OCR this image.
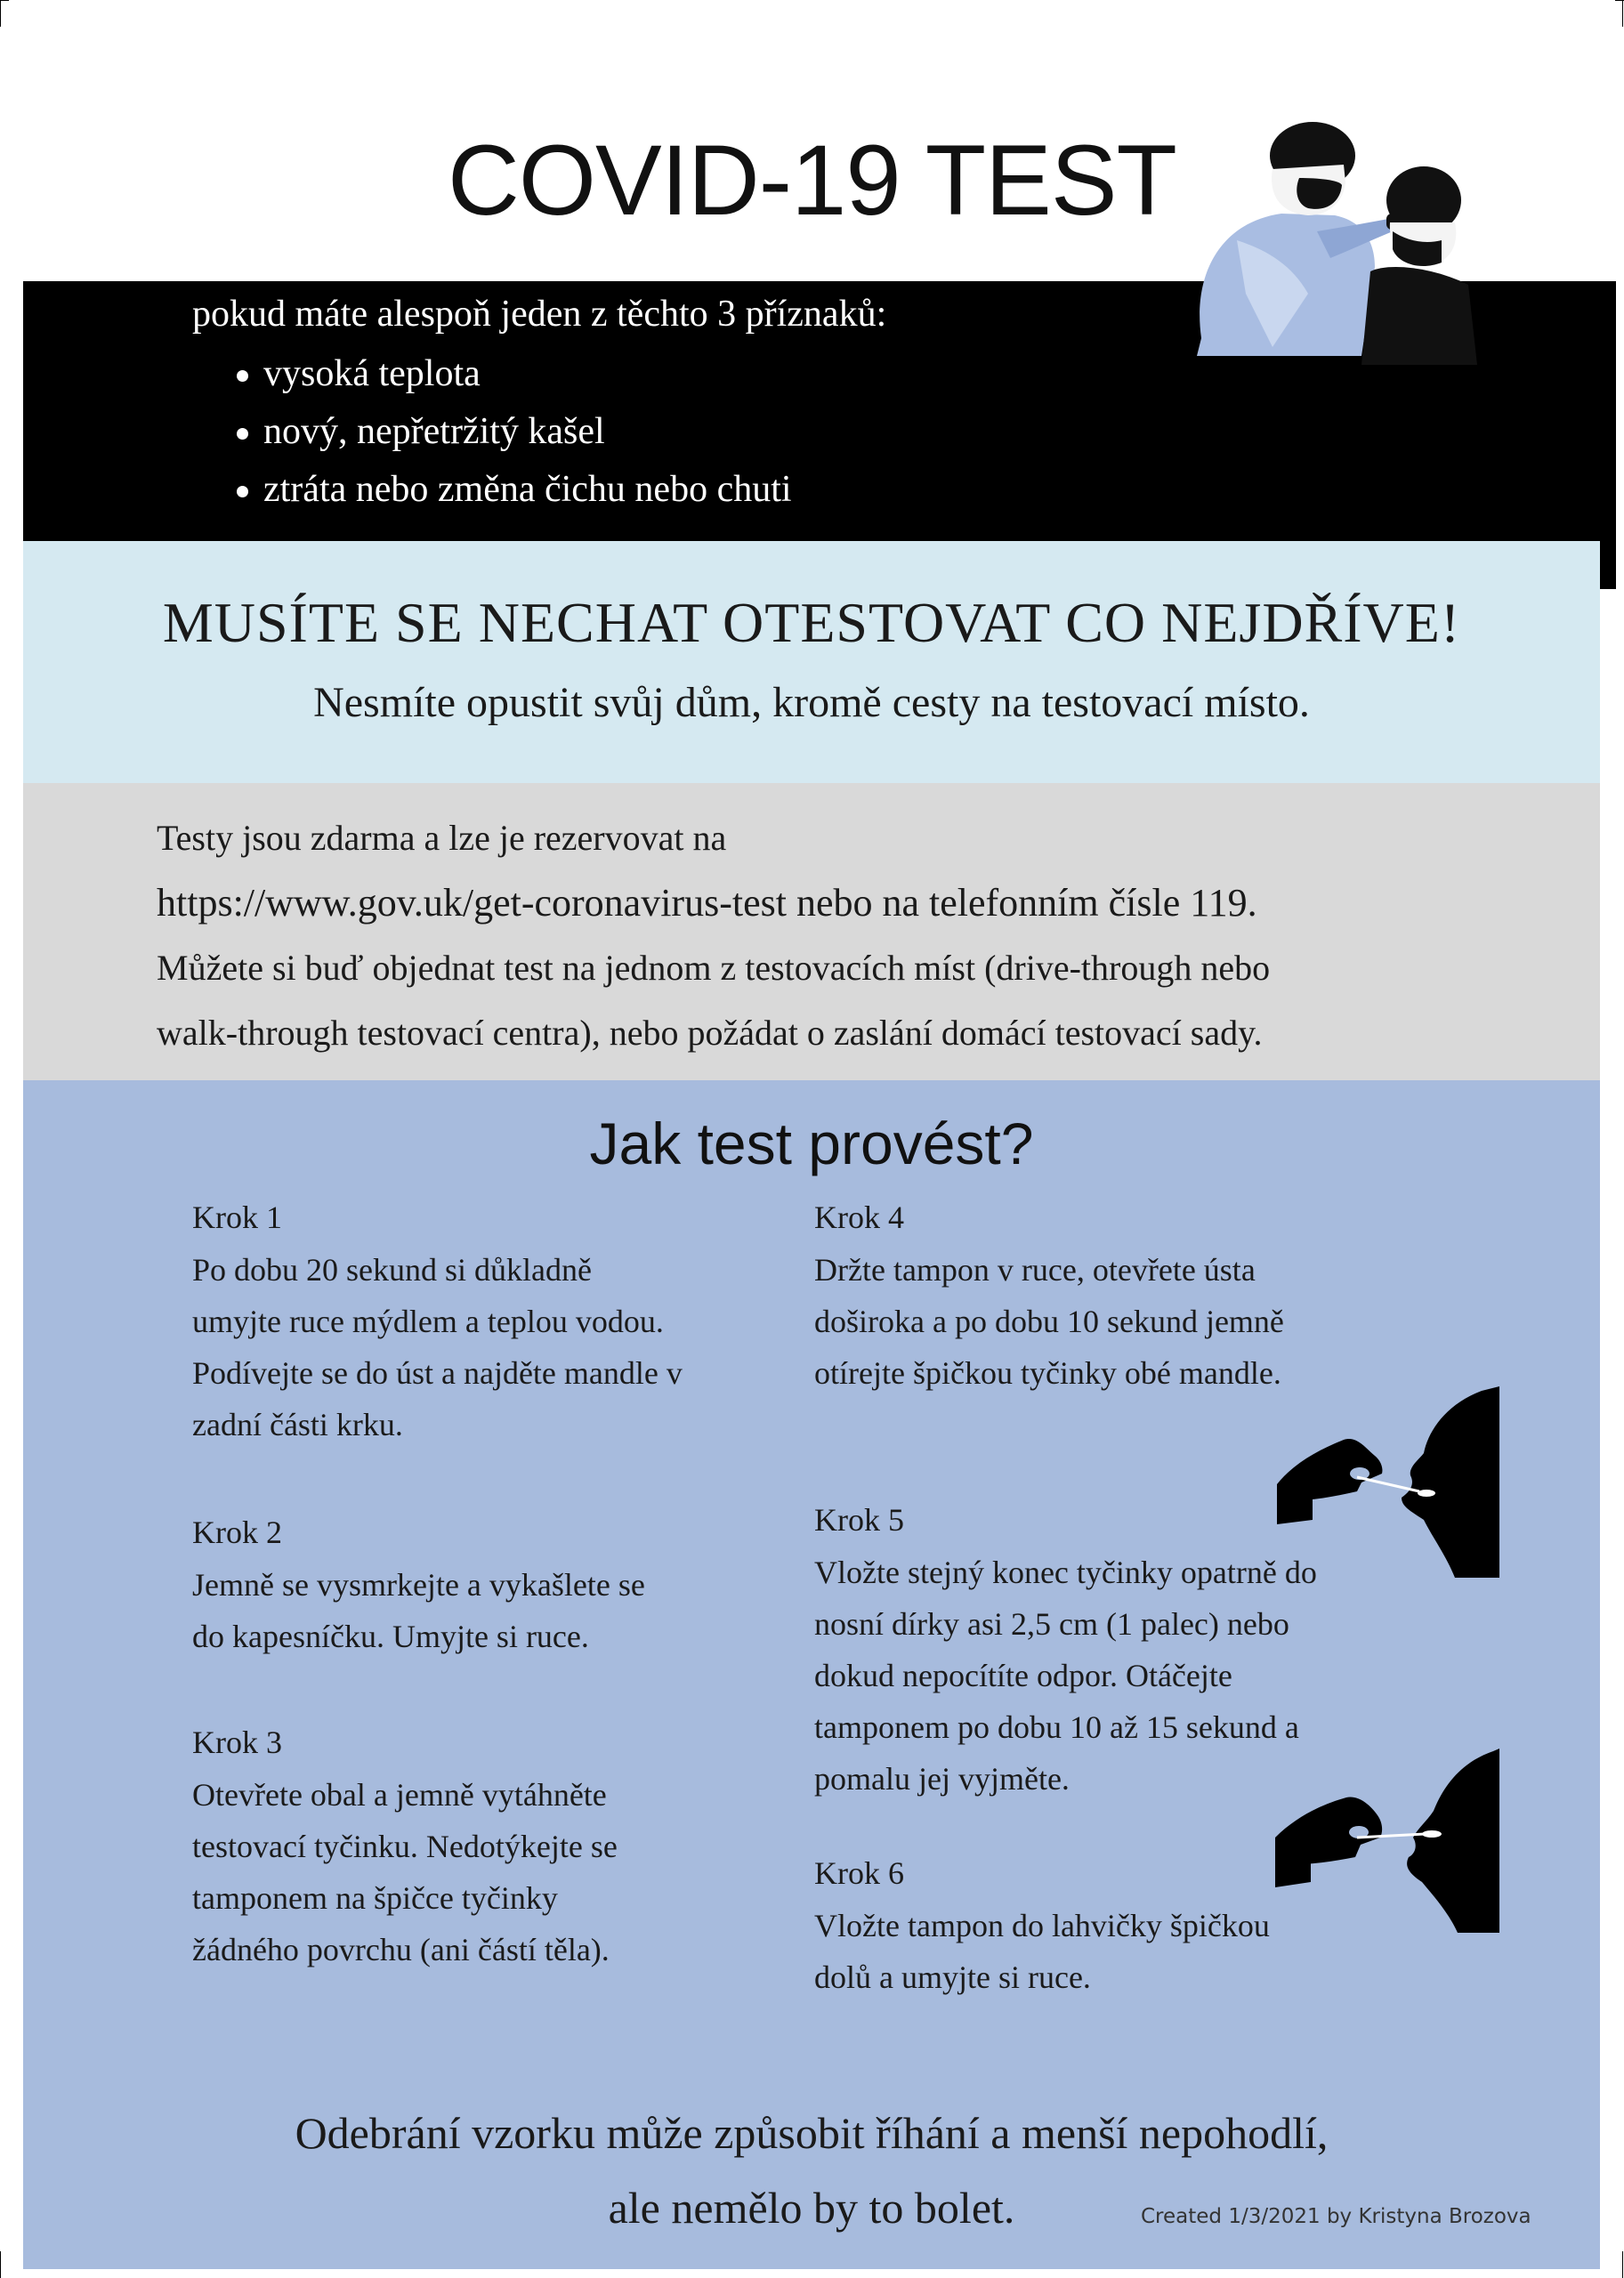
COVID-19 TEST
pokud máte alespoň jeden z těchto 3 příznaků:
vysoká teplota
nový, nepřetržitý kašel
ztráta nebo změna čichu nebo chuti
MUSÍTE SE NECHAT OTESTOVAT CO NEJDŘÍVE!
Nesmíte opustit svůj dům, kromě cesty na testovací místo.
Testy jsou zdarma a lze je rezervovat na
https://www.gov.uk/get-coronavirus-test nebo na telefonním čísle 119.
Můžete si buď objednat test na jednom z testovacích míst (drive-through nebo
walk-through testovací centra), nebo požádat o zaslání domácí testovací sady.
Jak test provést?
Krok 1
Po dobu 20 sekund si důkladně
umyjte ruce mýdlem a teplou vodou.
Podívejte se do úst a najděte mandle v
zadní části krku.
Krok 2
Jemně se vysmrkejte a vykašlete se
do kapesníčku. Umyjte si ruce.
Krok 3
Otevřete obal a jemně vytáhněte
testovací tyčinku. Nedotýkejte se
tamponem na špičce tyčinky
žádného povrchu (ani částí těla).
Krok 4
Držte tampon v ruce, otevřete ústa
doširoka a po dobu 10 sekund jemně
otírejte špičkou tyčinky obé mandle.
Krok 5
Vložte stejný konec tyčinky opatrně do
nosní dírky asi 2,5 cm (1 palec) nebo
dokud nepocítíte odpor. Otáčejte
tamponem po dobu 10 až 15 sekund a
pomalu jej vyjměte.
Krok 6
Vložte tampon do lahvičky špičkou
dolů a umyjte si ruce.
Odebrání vzorku může způsobit říhání a menší nepohodlí,
ale nemělo by to bolet.	Created 1/3/2021 by Kristyna Brozova
